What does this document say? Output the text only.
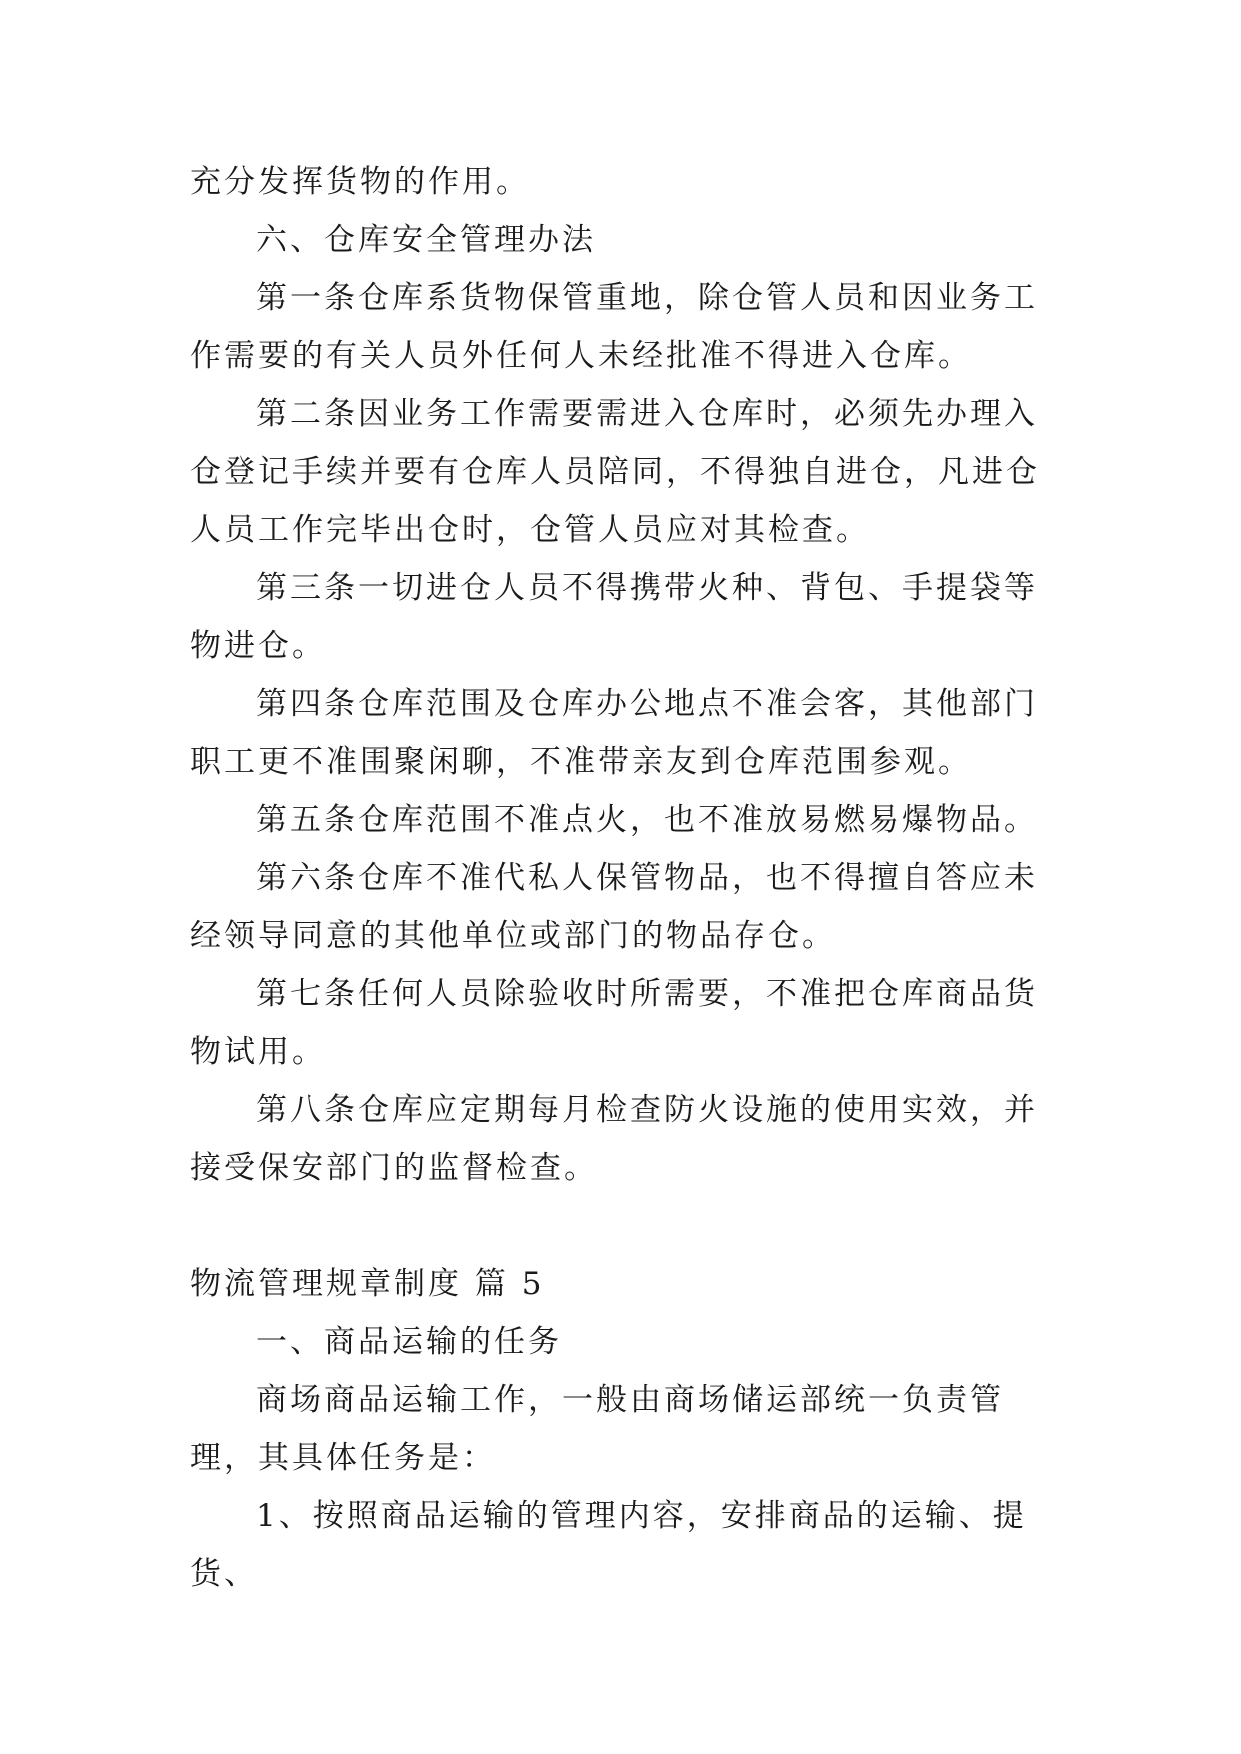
充分发挥货物的作用。

六、仓库安全管理办法

第一条仓库系货物保管重地，除仓管人员和因业务工作需要的有关人员外任何人未经批准不得进入仓库。

第二条因业务工作需要需进入仓库时，必须先办理入仓登记手续并要有仓库人员陪同，不得独自进仓，凡进仓人员工作完毕出仓时，仓管人员应对其检查。

第三条一切进仓人员不得携带火种、背包、手提袋等物进仓。

第四条仓库范围及仓库办公地点不准会客，其他部门职工更不准围聚闲聊，不准带亲友到仓库范围参观。

第五条仓库范围不准点火，也不准放易燃易爆物品。

第六条仓库不准代私人保管物品，也不得擅自答应未经领导同意的其他单位或部门的物品存仓。

第七条任何人员除验收时所需要，不准把仓库商品货物试用。

第八条仓库应定期每月检查防火设施的使用实效，并接受保安部门的监督检查。

物流管理规章制度 篇 5

一、商品运输的任务

商场商品运输工作，一般由商场储运部统一负责管理，其具体任务是：

1、按照商品运输的管理内容，安排商品的运输、提货、
